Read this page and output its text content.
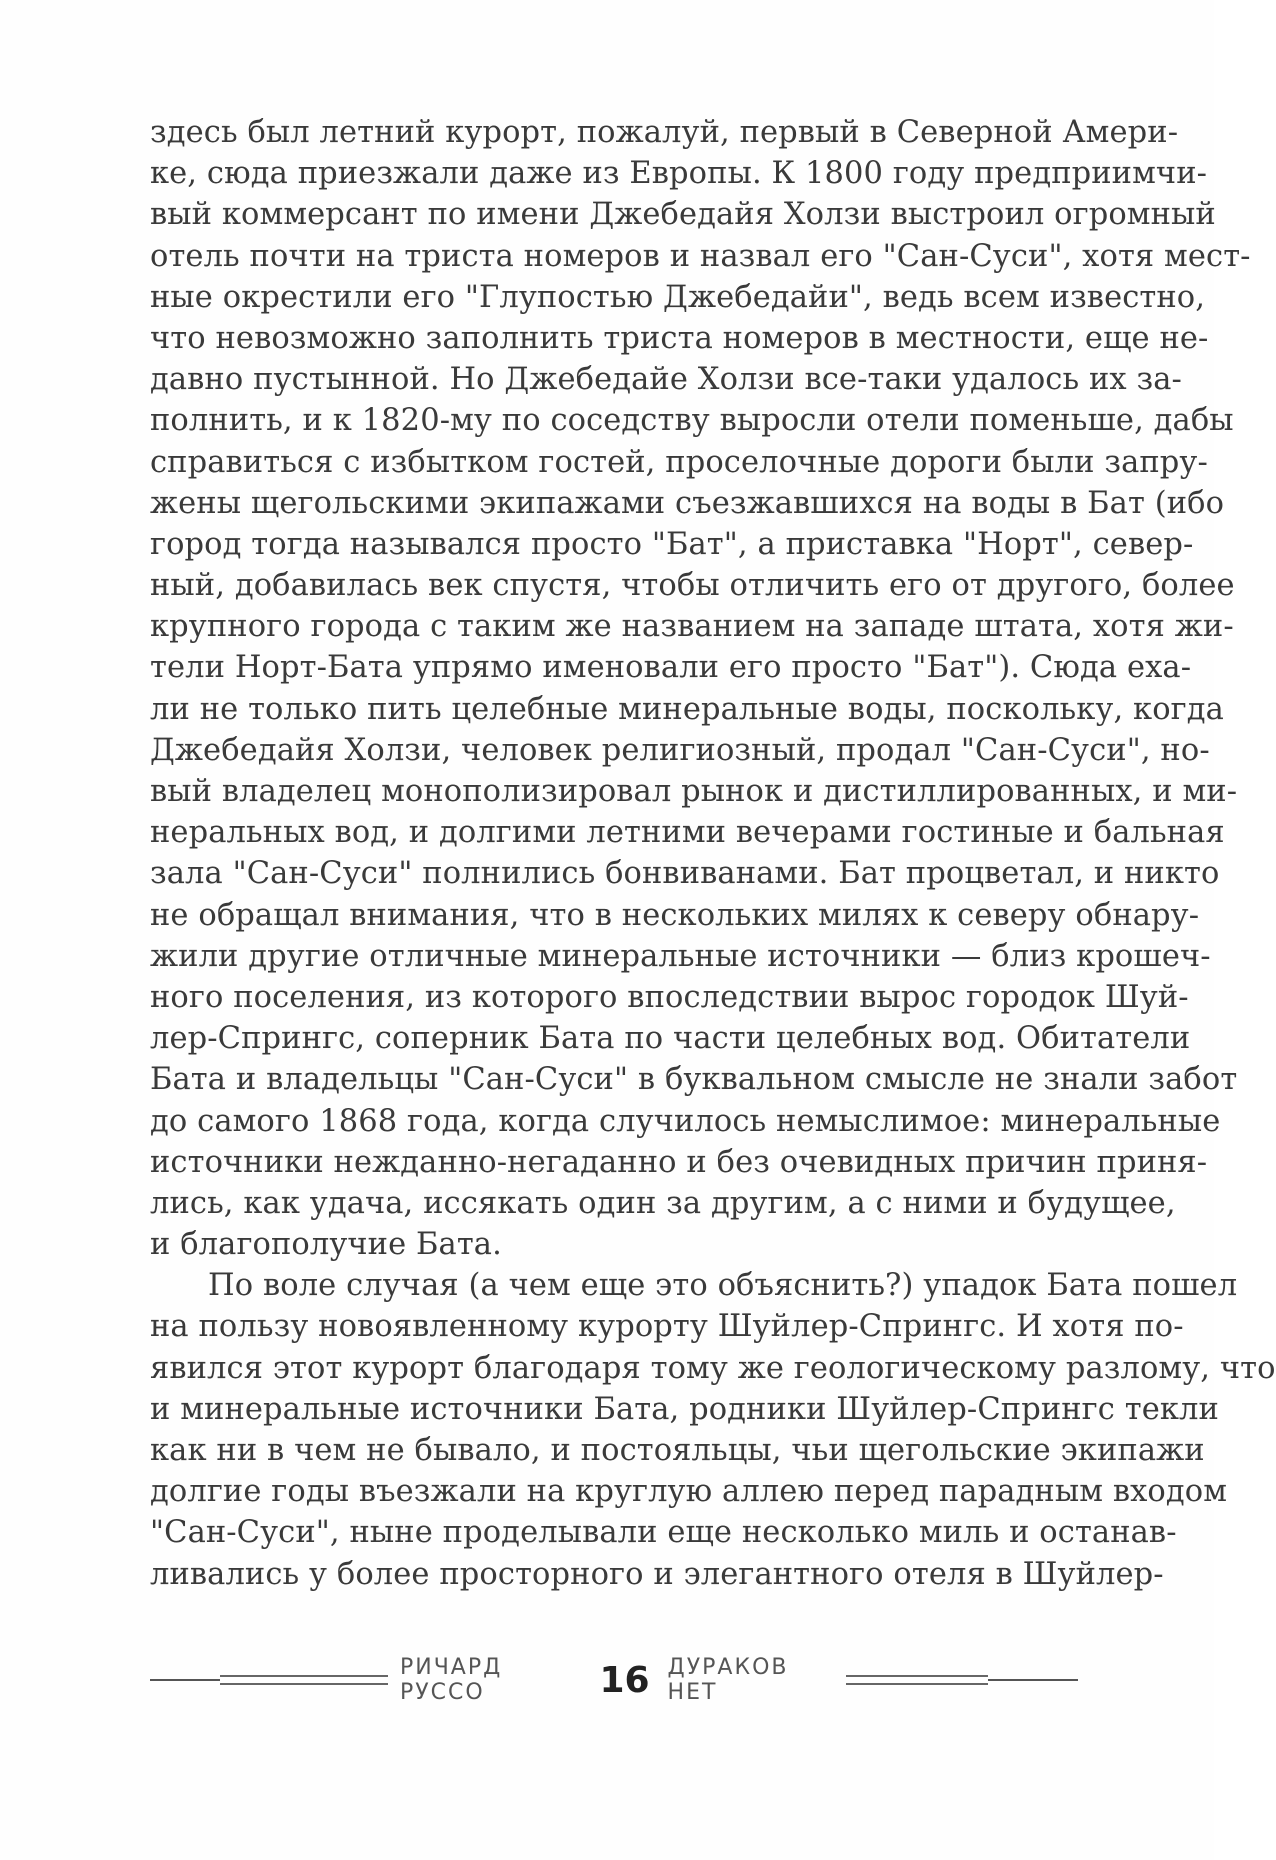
здесь был летний курорт, пожалуй, первый в Северной Амери-
ке, сюда приезжали даже из Европы. К 1800 году предприимчи-
вый коммерсант по имени Джебедайя Холзи выстроил огромный
отель почти на триста номеров и назвал его "Сан-Суси", хотя мест-
ные окрестили его "Глупостью Джебедайи", ведь всем известно,
что невозможно заполнить триста номеров в местности, еще не-
давно пустынной. Но Джебедайе Холзи все-таки удалось их за-
полнить, и к 1820-му по соседству выросли отели поменьше, дабы
справиться с избытком гостей, проселочные дороги были запру-
жены щегольскими экипажами съезжавшихся на воды в Бат (ибо
город тогда назывался просто "Бат", а приставка "Норт", север-
ный, добавилась век спустя, чтобы отличить его от другого, более
крупного города с таким же названием на западе штата, хотя жи-
тели Норт-Бата упрямо именовали его просто "Бат"). Сюда еха-
ли не только пить целебные минеральные воды, поскольку, когда
Джебедайя Холзи, человек религиозный, продал "Сан-Суси", но-
вый владелец монополизировал рынок и дистиллированных, и ми-
неральных вод, и долгими летними вечерами гостиные и бальная
зала "Сан-Суси" полнились бонвиванами. Бат процветал, и никто
не обращал внимания, что в нескольких милях к северу обнару-
жили другие отличные минеральные источники — близ крошеч-
ного поселения, из которого впоследствии вырос городок Шуй-
лер-Спрингс, соперник Бата по части целебных вод. Обитатели
Бата и владельцы "Сан-Суси" в буквальном смысле не знали забот
до самого 1868 года, когда случилось немыслимое: минеральные
источники нежданно-негаданно и без очевидных причин приня-
лись, как удача, иссякать один за другим, а с ними и будущее,
и благополучие Бата.
По воле случая (а чем еще это объяснить?) упадок Бата пошел
на пользу новоявленному курорту Шуйлер-Спрингс. И хотя по-
явился этот курорт благодаря тому же геологическому разлому, что
и минеральные источники Бата, родники Шуйлер-Спрингс текли
как ни в чем не бывало, и постояльцы, чьи щегольские экипажи
долгие годы въезжали на круглую аллею перед парадным входом
"Сан-Суси", ныне проделывали еще несколько миль и останав-
ливались у более просторного и элегантного отеля в Шуйлер-
РИЧАРД РУССО	16 ДУРАКОВ НЕТ
